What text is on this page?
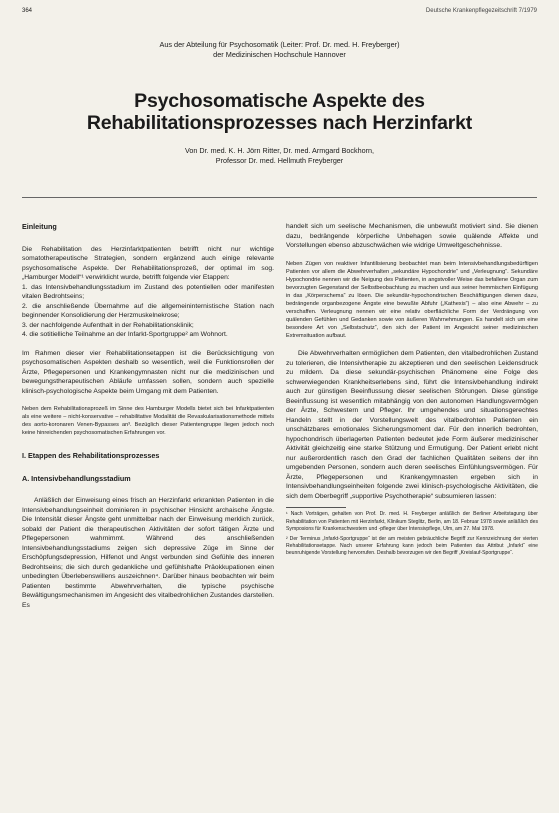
364	Deutsche Krankenpflegezeitschrift 7/1979
Aus der Abteilung für Psychosomatik (Leiter: Prof. Dr. med. H. Freyberger)
der Medizinischen Hochschule Hannover
Psychosomatische Aspekte des
Rehabilitationsprozesses nach Herzinfarkt
Von Dr. med. K. H. Jörn Ritter, Dr. med. Armgard Bockhorn,
Professor Dr. med. Hellmuth Freyberger
Einleitung

Die Rehabilitation des Herzinfarktpatienten betrifft nicht nur wichtige somatotherapeutische Strategien, sondern ergänzend auch einige relevante psychosomatische Aspekte. Der Rehabilitationsprozeß, der optimal im sog. „Hamburger Modell“¹ verwirklicht wurde, betrifft folgende vier Etappen:

1. das Intensivbehandlungsstadium im Zustand des potentiellen oder manifesten vitalen Bedrohtseins;

2. die anschließende Übernahme auf die allgemeininternistische Station nach beginnender Konsolidierung der Herzmuskelnekrose;

3. der nachfolgende Aufenthalt in der Rehabilitationsklinik;

4. die sotitielliche Teilnahme an der Infarkt-Sportgruppe² am Wohnort.

Im Rahmen dieser vier Rehabilitationsetappen ist die Berücksichtigung von psychosomatischen Aspekten deshalb so wesentlich, weil die Funktionsrollen der Ärzte, Pflegepersonen und Krankengymnasten nicht nur die medizinischen und bewegungstherapeutischen Abläufe umfassen sollen, sondern auch spezielle klinisch-psychologische Aspekte beim Umgang mit dem Patienten.

Neben dem Rehabilitationsprozeß im Sinne des Hamburger Modells bietet sich bei Infarktpatienten als eine weitere – nicht-konservative – rehabilitative Modalität die Revaskularisationsmethode mittels des aorto-koronaren Venen-Bypasses an³. Bezüglich dieser Patientengruppe liegen jedoch noch keine hinreichenden psychosomatischen Erfahrungen vor.

I. Etappen des Rehabilitationsprozesses
A. Intensivbehandlungsstadium

Anläßlich der Einweisung eines frisch an Herzinfarkt erkrankten Patienten in die Intensivbehandlungseinheit dominieren in psychischer Hinsicht archaische Ängste. Die Intensität dieser Ängste geht unmittelbar nach der Einweisung merklich zurück, sobald der Patient die therapeutischen Aktivitäten der sofort tätigen Ärzte und Pflegepersonen wahrnimmt. Während des anschließenden Intensivbehandlungsstadiums zeigen sich depressive Züge im Sinne der Erschöpfungsdepression, Hilfenot und Angst verbunden sind Gefühle des inneren Bedrohtseins; die sich durch gedankliche und gefühlshafte Präokkupationen einen unbedingten Überlebenswillens auszeichnen⁴. Darüber hinaus beobachten wir beim Patienten bestimmte Abwehrverhalten, die typische psychische Bewältigungsmechanismen im Angesicht des vitalbedrohlichen Zustandes darstellen. Es

handelt sich um seelische Mechanismen, die unbewußt motiviert sind. Sie dienen dazu, bedrängende körperliche Unbehagen sowie quälende Affekte und Vorstellungen ebenso abzuschwächen wie widrige Umweltgeschehnisse.

Neben Zügen von reaktiver Infantilisierung beobachtet man beim Intensivbehandlungsbedürftigen Patienten vor allem die Abwehrverhalten „sekundäre Hypochondrie“ und „Verleugnung“. Sekundäre Hypochondrie nennen wir die Neigung des Patienten, in angstvoller Weise das befallene Organ zum bevorzugten Gegenstand der Selbstbeobachtung zu machen und aus seiner hemmischen Einfügung in das „Körperschema“ zu lösen. Die sekundär-hypochondrischen Beschäftigungen dienen dazu, bedrängende organbezogene Ängste eine bewußte Abfuhr („Kathexis“) – also eine Abwehr – zu verschaffen. Verleugnung nennen wir eine relativ oberflächliche Form der Verdrängung von quälenden Gefühlen und Gedanken sowie von äußeren Wahrnehmungen. Es handelt sich um eine besondere Art von „Selbstschutz“, den sich der Patient im Angesicht seiner medizinischen Extremsituation aufbaut.

Die Abwehrverhalten ermöglichen dem Patienten, den vitalbedrohlichen Zustand zu tolerieren, die Intensivtherapie zu akzeptieren und den seelischen Leidensdruck zu mildern. Da diese sekundär-psychischen Phänomene eine Folge des schwerwiegenden Krankheitserlebens sind, führt die Intensivbehandlung indirekt auch zur günstigen Beeinflussung dieser seelischen Störungen. Diese günstige Beeinflussung ist wesentlich mitabhängig von den autonomen Handlungsvermögen der Ärzte, Schwestern und Pfleger. Ihr umgehendes und situationsgerechtes Handeln stellt in der Vorstellungswelt des vitalbedrohten Patienten ein unschätzbares emotionales Sicherungsmoment dar. Für den innerlich bedrohten, hypochondrisch überlagerten Patienten bedeutet jede Form äußerer medizinischer Aktivität gleichzeitig eine starke Stützung und Ermutigung. Der Patient erlebt nicht nur außerordentlich rasch den Grad der fachlichen Qualitäten seitens der ihn umgebenden Personen, sondern auch deren seelisches Einfühlungsvermögen. Für Ärzte, Pflegepersonen und Krankengymnasten ergeben sich in Intensivbehandlungseinheiten folgende zwei klinisch-psychologische Aktivitäten, die sich dem Oberbegriff „supportive Psychotherapie“ subsumieren lassen:

¹ Nach Vorträgen, gehalten von Prof. Dr. med. H. Freyberger anläßlich der Berliner Arbeitstagung über Rehabilitation von Patienten mit Herzinfarkt, Klinikum Steglitz, Berlin, am 18. Februar 1978 sowie anläßlich des Symposions für Krankenschwestern und -pfleger über Intensivpflege, Ulm, am 27. Mai 1978.

² Der Terminus „Infarkt-Sportgruppe“ ist der am meisten gebräuchliche Begriff zur Kennzeichnung der vierten Rehabilitationsetappe. Nach unserer Erfahrung kann jedoch beim Patienten das Attribut „Infarkt“ eine beunruhigende Vorstellung hervorrufen. Deshalb bevorzugen wir den Begriff „Kreislauf-Sportgruppe“.
